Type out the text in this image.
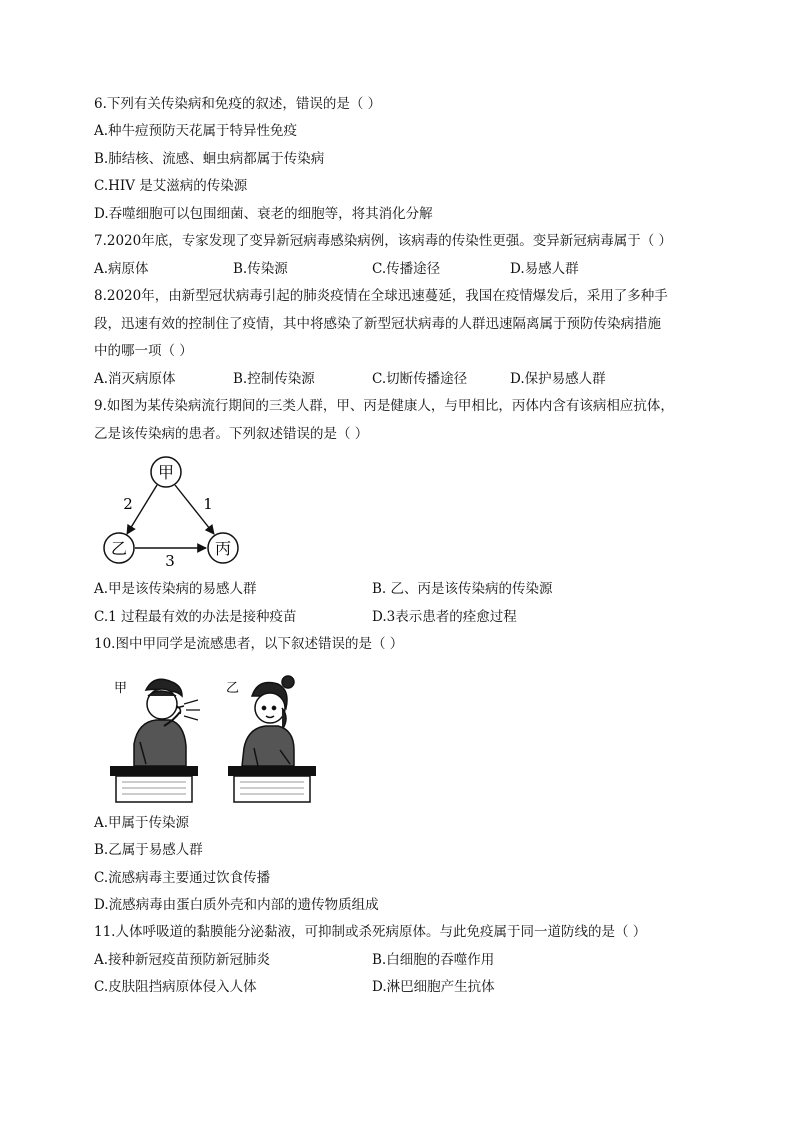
6.下列有关传染病和免疫的叙述，错误的是（ ）
A.种牛痘预防天花属于特异性免疫
B.肺结核、流感、蛔虫病都属于传染病
C.HIV 是艾滋病的传染源
D.吞噬细胞可以包围细菌、衰老的细胞等，将其消化分解
7.2020年底，专家发现了变异新冠病毒感染病例，该病毒的传染性更强。变异新冠病毒属于（ ）
A.病原体	B.传染源	C.传播途径	D.易感人群
8.2020年，由新型冠状病毒引起的肺炎疫情在全球迅速蔓延，我国在疫情爆发后，采用了多种手
段，迅速有效的控制住了疫情，其中将感染了新型冠状病毒的人群迅速隔离属于预防传染病措施
中的哪一项（ ）
A.消灭病原体	B.控制传染源	C.切断传播途径	D.保护易感人群
9.如图为某传染病流行期间的三类人群，甲、丙是健康人，与甲相比，丙体内含有该病相应抗体，
乙是该传染病的患者。下列叙述错误的是（ ）
甲
乙	丙
2	1
3
A.甲是该传染病的易感人群	B. 乙、丙是该传染病的传染源
C.1 过程最有效的办法是接种疫苗	D.3表示患者的痊愈过程
10.图中甲同学是流感患者，以下叙述错误的是（ ）
甲	乙
A.甲属于传染源
B.乙属于易感人群
C.流感病毒主要通过饮食传播
D.流感病毒由蛋白质外壳和内部的遗传物质组成
11.人体呼吸道的黏膜能分泌黏液，可抑制或杀死病原体。与此免疫属于同一道防线的是（ ）
A.接种新冠疫苗预防新冠肺炎	B.白细胞的吞噬作用
C.皮肤阻挡病原体侵入人体	D.淋巴细胞产生抗体
